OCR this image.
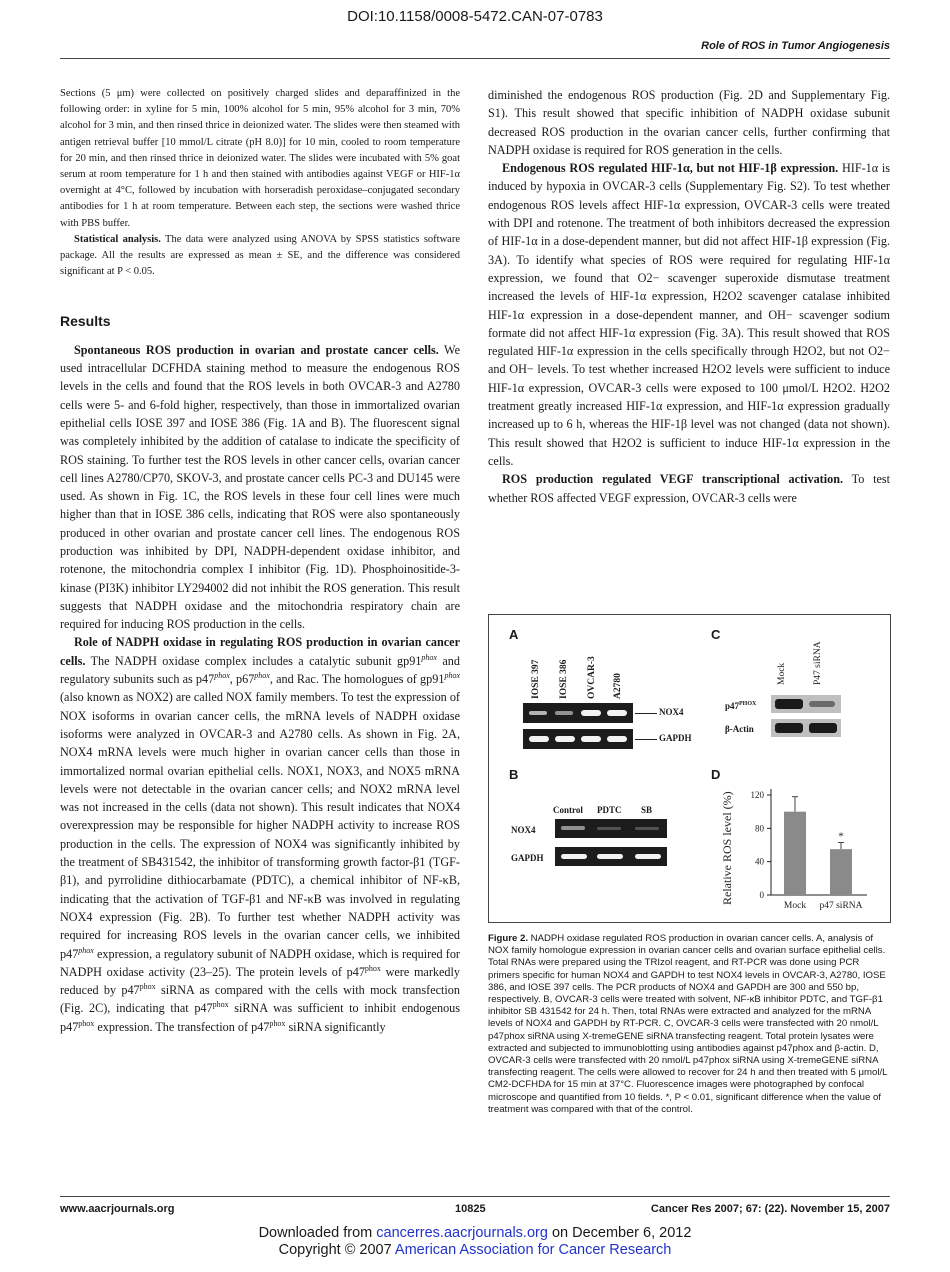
DOI:10.1158/0008-5472.CAN-07-0783
Role of ROS in Tumor Angiogenesis

Sections (5 μm) were collected on positively charged slides and deparaffinized in the following order: in xyline for 5 min, 100% alcohol for 5 min, 95% alcohol for 3 min, 70% alcohol for 3 min, and then rinsed thrice in deionized water. The slides were then steamed with antigen retrieval buffer [10 mmol/L citrate (pH 8.0)] for 10 min, cooled to room temperature for 20 min, and then rinsed thrice in deionized water. The slides were incubated with 5% goat serum at room temperature for 1 h and then stained with antibodies against VEGF or HIF-1α overnight at 4°C, followed by incubation with horseradish peroxidase–conjugated secondary antibodies for 1 h at room temperature. Between each step, the sections were washed thrice with PBS buffer.

Statistical analysis. The data were analyzed using ANOVA by SPSS statistics software package. All the results are expressed as mean ± SE, and the difference was considered significant at P < 0.05.

Results

Spontaneous ROS production in ovarian and prostate cancer cells. We used intracellular DCFHDA staining method to measure the endogenous ROS levels in the cells and found that the ROS levels in both OVCAR-3 and A2780 cells were 5- and 6-fold higher, respectively, than those in immortalized ovarian epithelial cells IOSE 397 and IOSE 386 (Fig. 1A and B). The fluorescent signal was completely inhibited by the addition of catalase to indicate the specificity of ROS staining. To further test the ROS levels in other cancer cells, ovarian cancer cell lines A2780/CP70, SKOV-3, and prostate cancer cells PC-3 and DU145 were used. As shown in Fig. 1C, the ROS levels in these four cell lines were much higher than that in IOSE 386 cells, indicating that ROS were also spontaneously produced in other ovarian and prostate cancer cell lines. The endogenous ROS production was inhibited by DPI, NADPH-dependent oxidase inhibitor, and rotenone, the mitochondria complex I inhibitor (Fig. 1D). Phosphoinositide-3-kinase (PI3K) inhibitor LY294002 did not inhibit the ROS generation. This result suggests that NADPH oxidase and the mitochondria respiratory chain are required for inducing ROS production in the cells.

Role of NADPH oxidase in regulating ROS production in ovarian cancer cells. The NADPH oxidase complex includes a catalytic subunit $gp91^{phox}$ and regulatory subunits such as $p47^{phox}$, $p67^{phox}$, and Rac. The homologues of $gp91^{phox}$ (also known as NOX2) are called NOX family members. To test the expression of NOX isoforms in ovarian cancer cells, the mRNA levels of NADPH oxidase isoforms were analyzed in OVCAR-3 and A2780 cells. As shown in Fig. 2A, NOX4 mRNA levels were much higher in ovarian cancer cells than those in immortalized normal ovarian epithelial cells. NOX1, NOX3, and NOX5 mRNA levels were not detectable in the ovarian cancer cells; and NOX2 mRNA level was not increased in the cells (data not shown). This result indicates that NOX4 overexpression may be responsible for higher NADPH activity to increase ROS production in the cells. The expression of NOX4 was significantly inhibited by the treatment of SB431542, the inhibitor of transforming growth factor-β1 (TGF-β1), and pyrrolidine dithiocarbamate (PDTC), a chemical inhibitor of NF-κB, indicating that the activation of TGF-β1 and NF-κB was involved in regulating NOX4 expression (Fig. 2B). To further test whether NADPH activity was required for increasing ROS levels in the ovarian cancer cells, we inhibited $p47^{phox}$ expression, a regulatory subunit of NADPH oxidase, which is required for NADPH oxidase activity (23–25). The protein levels of $p47^{phox}$ were markedly reduced by $p47^{phox}$ siRNA as compared with the cells with mock transfection (Fig. 2C), indicating that $p47^{phox}$ siRNA was sufficient to inhibit endogenous $p47^{phox}$ expression. The transfection of $p47^{phox}$ siRNA significantly

diminished the endogenous ROS production (Fig. 2D and Supplementary Fig. S1). This result showed that specific inhibition of NADPH oxidase subunit decreased ROS production in the ovarian cancer cells, further confirming that NADPH oxidase is required for ROS generation in the cells.

Endogenous ROS regulated HIF-1α, but not HIF-1β expression. HIF-1α is induced by hypoxia in OVCAR-3 cells (Supplementary Fig. S2). To test whether endogenous ROS levels affect HIF-1α expression, OVCAR-3 cells were treated with DPI and rotenone. The treatment of both inhibitors decreased the expression of HIF-1α in a dose-dependent manner, but did not affect HIF-1β expression (Fig. 3A). To identify what species of ROS were required for regulating HIF-1α expression, we found that O2− scavenger superoxide dismutase treatment increased the levels of HIF-1α expression, H2O2 scavenger catalase inhibited HIF-1α expression in a dose-dependent manner, and OH− scavenger sodium formate did not affect HIF-1α expression (Fig. 3A). This result showed that ROS regulated HIF-1α expression in the cells specifically through H2O2, but not O2− and OH− levels. To test whether increased H2O2 levels were sufficient to induce HIF-1α expression, OVCAR-3 cells were exposed to 100 μmol/L H2O2. H2O2 treatment greatly increased HIF-1α expression, and HIF-1α expression gradually increased up to 6 h, whereas the HIF-1β level was not changed (data not shown). This result showed that H2O2 is sufficient to induce HIF-1α expression in the cells.

ROS production regulated VEGF transcriptional activation. To test whether ROS affected VEGF expression, OVCAR-3 cells were

A
IOSE 397 IOSE 386 OVCAR-3 A2780
NOX4
GAPDH
B
Control PDTC SB
NOX4
GAPDH
C
Mock	P47 siRNA
$p47^{PHOX}$
β-Actin
D
Relative ROS level (%) 120
80
40
0
Mock p47 siRNA
*
Figure 2. NADPH oxidase regulated ROS production in ovarian cancer cells. A, analysis of NOX family homologue expression in ovarian cancer cells and ovarian surface epithelial cells. Total RNAs were prepared using the TRIzol reagent, and RT-PCR was done using PCR primers specific for human NOX4 and GAPDH to test NOX4 levels in OVCAR-3, A2780, IOSE 386, and IOSE 397 cells. The PCR products of NOX4 and GAPDH are 300 and 550 bp, respectively. B, OVCAR-3 cells were treated with solvent, NF-κB inhibitor PDTC, and TGF-β1 inhibitor SB 431542 for 24 h. Then, total RNAs were extracted and analyzed for the mRNA levels of NOX4 and GAPDH by RT-PCR. C, OVCAR-3 cells were transfected with 20 nmol/L p47phox siRNA using X-tremeGENE siRNA transfecting reagent. Total protein lysates were extracted and subjected to immunoblotting using antibodies against p47phox and β-actin. D, OVCAR-3 cells were transfected with 20 nmol/L p47phox siRNA using X-tremeGENE siRNA transfecting reagent. The cells were allowed to recover for 24 h and then treated with 5 μmol/L CM2-DCFHDA for 15 min at 37°C. Fluorescence images were photographed by confocal microscope and quantified from 10 fields. *, P < 0.01, significant difference when the value of treatment was compared with that of the control.
www.aacrjournals.org	10825	Cancer Res 2007; 67: (22). November 15, 2007
Downloaded from cancerres.aacrjournals.org on December 6, 2012
Copyright © 2007 American Association for Cancer Research
